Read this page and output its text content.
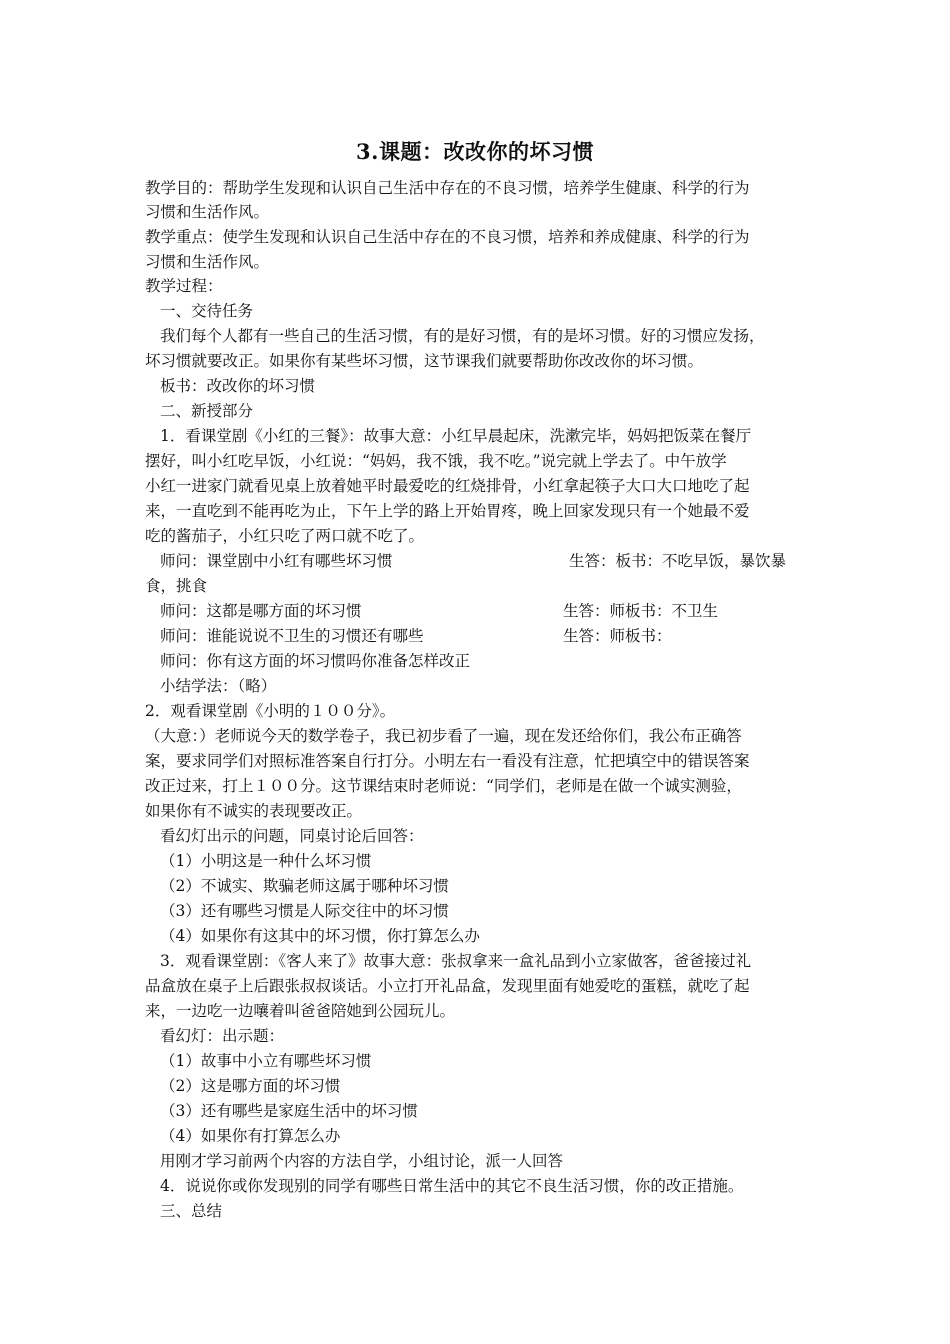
3.课题：改改你的坏习惯
教学目的：帮助学生发现和认识自己生活中存在的不良习惯，培养学生健康、科学的行为
习惯和生活作风。
教学重点：使学生发现和认识自己生活中存在的不良习惯，培养和养成健康、科学的行为
习惯和生活作风。
教学过程：
一、交待任务
我们每个人都有一些自己的生活习惯，有的是好习惯，有的是坏习惯。好的习惯应发扬，
坏习惯就要改正。如果你有某些坏习惯，这节课我们就要帮助你改改你的坏习惯。
板书：改改你的坏习惯
二、新授部分
1．看课堂剧《小红的三餐》：故事大意：小红早晨起床，洗漱完毕，妈妈把饭菜在餐厅
摆好，叫小红吃早饭，小红说：“妈妈，我不饿，我不吃。”说完就上学去了。中午放学
小红一进家门就看见桌上放着她平时最爱吃的红烧排骨，小红拿起筷子大口大口地吃了起
来，一直吃到不能再吃为止，下午上学的路上开始胃疼，晚上回家发现只有一个她最不爱
吃的酱茄子，小红只吃了两口就不吃了。
师问：课堂剧中小红有哪些坏习惯	生答：板书：不吃早饭，暴饮暴
食，挑食
师问：这都是哪方面的坏习惯	生答：师板书：不卫生
师问：谁能说说不卫生的习惯还有哪些	生答：师板书：
师问：你有这方面的坏习惯吗你准备怎样改正
小结学法：（略）
2．观看课堂剧《小明的１００分》。
（大意：）老师说今天的数学卷子，我已初步看了一遍，现在发还给你们，我公布正确答
案，要求同学们对照标准答案自行打分。小明左右一看没有注意，忙把填空中的错误答案
改正过来，打上１００分。这节课结束时老师说：“同学们，老师是在做一个诚实测验，
如果你有不诚实的表现要改正。
看幻灯出示的问题，同桌讨论后回答：
（1）小明这是一种什么坏习惯
（2）不诚实、欺骗老师这属于哪种坏习惯
（3）还有哪些习惯是人际交往中的坏习惯
（4）如果你有这其中的坏习惯，你打算怎么办
3．观看课堂剧：《客人来了》故事大意：张叔拿来一盒礼品到小立家做客，爸爸接过礼
品盒放在桌子上后跟张叔叔谈话。小立打开礼品盒，发现里面有她爱吃的蛋糕，就吃了起
来，一边吃一边嚷着叫爸爸陪她到公园玩儿。
看幻灯：出示题：
（1）故事中小立有哪些坏习惯
（2）这是哪方面的坏习惯
（3）还有哪些是家庭生活中的坏习惯
（4）如果你有打算怎么办
用刚才学习前两个内容的方法自学，小组讨论，派一人回答
4．说说你或你发现别的同学有哪些日常生活中的其它不良生活习惯，你的改正措施。
三、总结
